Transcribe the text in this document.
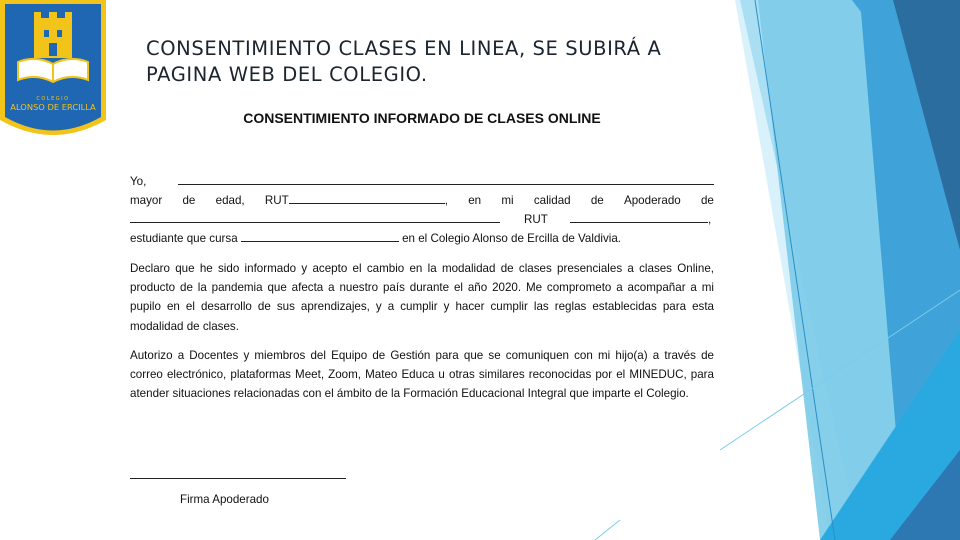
COLEGIO
ALONSO DE ERCILLA
CONSENTIMIENTO CLASES EN LINEA, SE SUBIRÁ A
PAGINA WEB DEL COLEGIO.
CONSENTIMIENTO INFORMADO DE CLASES ONLINE
Yo,
mayor de edad, RUT	, en mi calidad de Apoderado de
RUT	,
estudiante que cursa	en el Colegio Alonso de Ercilla de Valdivia.

Declaro que he sido informado y acepto el cambio en la modalidad de clases presenciales a clases Online, producto de la pandemia que afecta a nuestro país durante el año 2020. Me comprometo a acompañar a mi pupilo en el desarrollo de sus aprendizajes, y a cumplir y hacer cumplir las reglas establecidas para esta modalidad de clases.

Autorizo a Docentes y miembros del Equipo de Gestión para que se comuniquen con mi hijo(a) a través de correo electrónico, plataformas Meet, Zoom, Mateo Educa u otras similares reconocidas por el MINEDUC, para atender situaciones relacionadas con el ámbito de la Formación Educacional Integral que imparte el Colegio.

Firma Apoderado
